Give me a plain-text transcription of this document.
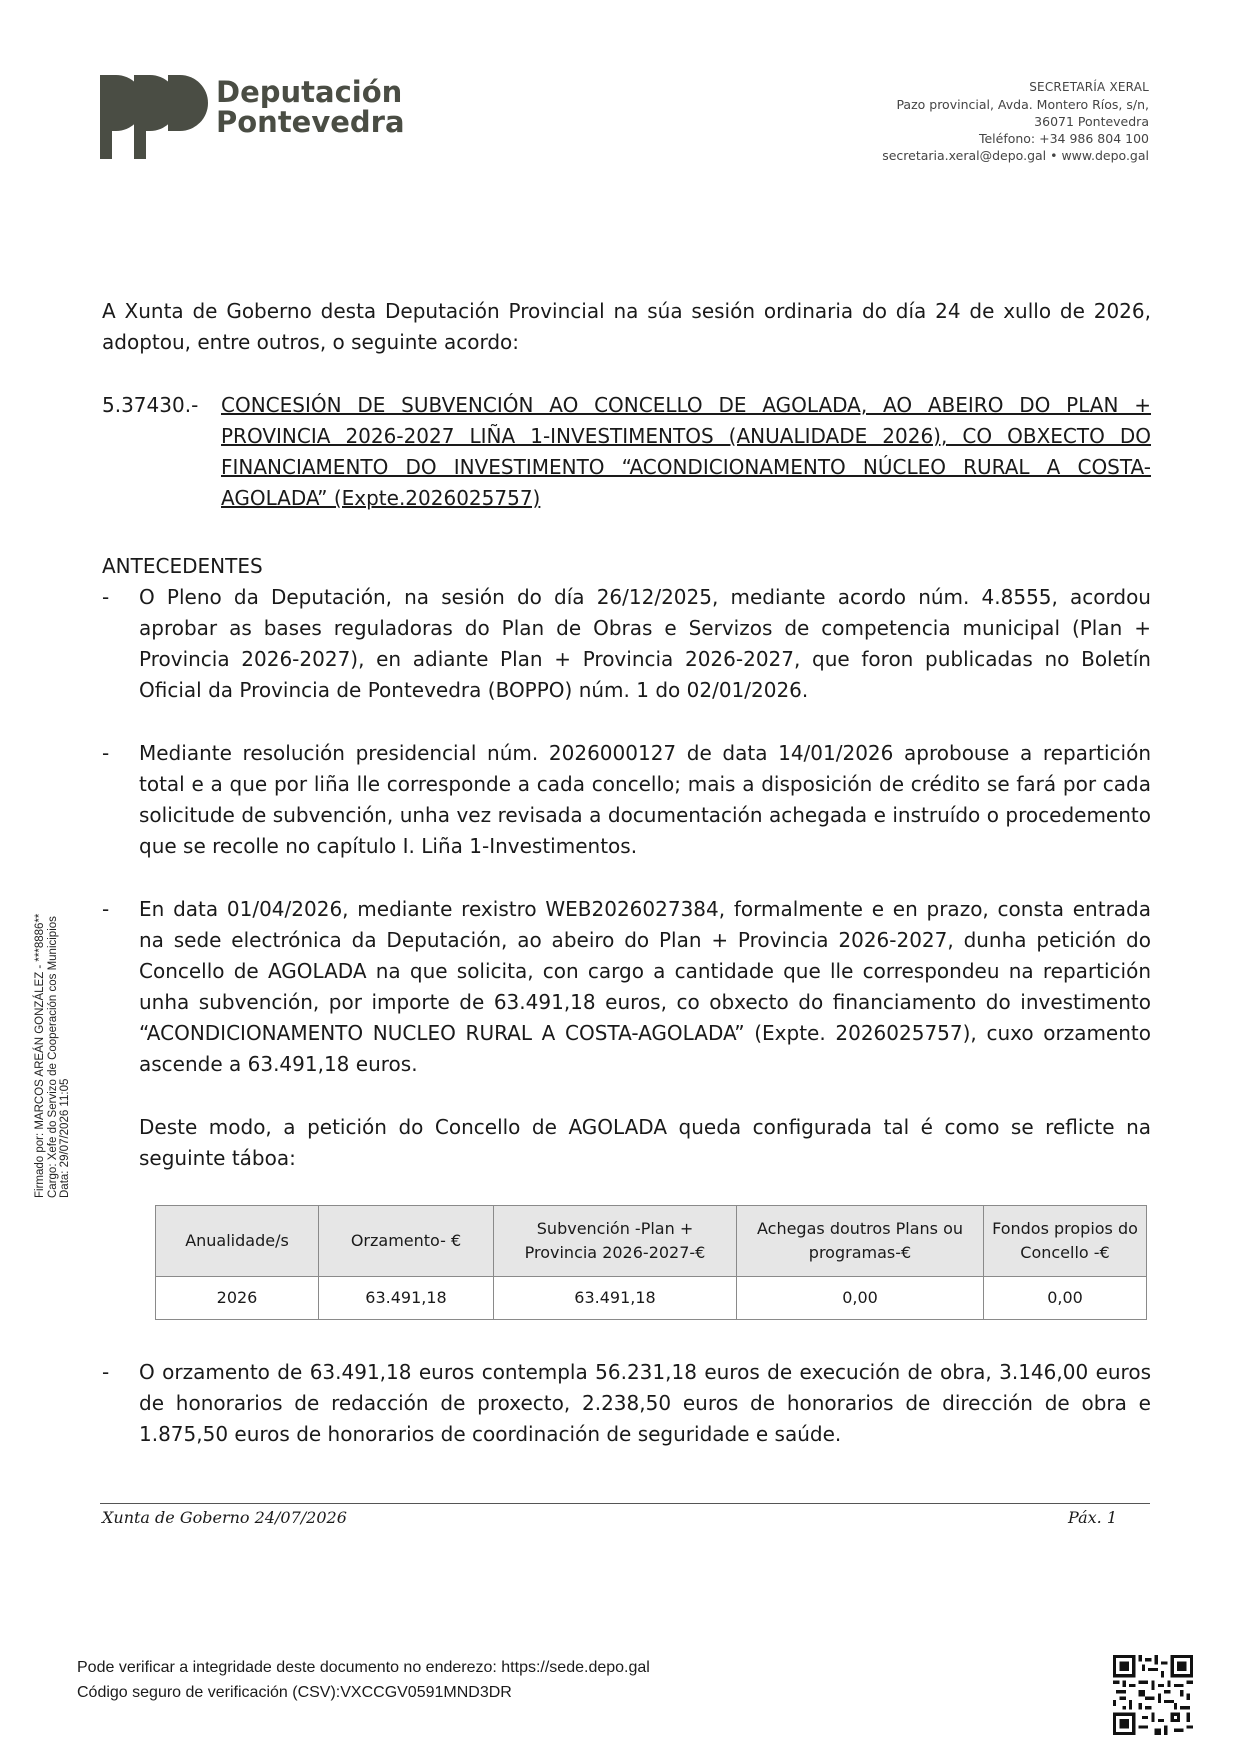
Deputación
Pontevedra
SECRETARÍA XERAL
Pazo provincial, Avda. Montero Ríos, s/n,
36071 Pontevedra
Teléfono: +34 986 804 100
secretaria.xeral@depo.gal • www.depo.gal
A Xunta de Goberno desta Deputación Provincial na súa sesión ordinaria do día 24 de xullo de 2026, adoptou, entre outros, o seguinte acordo:
5.37430.- CONCESIÓN DE SUBVENCIÓN AO CONCELLO DE AGOLADA, AO ABEIRO DO PLAN + PROVINCIA 2026-2027 LIÑA 1-INVESTIMENTOS (ANUALIDADE 2026), CO OBXECTO DO FINANCIAMENTO DO INVESTIMENTO “ACONDICIONAMENTO NÚCLEO RURAL A COSTA-AGOLADA” (Expte.2026025757)
ANTECEDENTES
- O Pleno da Deputación, na sesión do día 26/12/2025, mediante acordo núm. 4.8555, acordou aprobar as bases reguladoras do Plan de Obras e Servizos de competencia municipal (Plan + Provincia 2026-2027), en adiante Plan + Provincia 2026-2027, que foron publicadas no Boletín Oficial da Provincia de Pontevedra (BOPPO) núm. 1 do 02/01/2026.
- Mediante resolución presidencial núm. 2026000127 de data 14/01/2026 aprobouse a repartición total e a que por liña lle corresponde a cada concello; mais a disposición de crédito se fará por cada solicitude de subvención, unha vez revisada a documentación achegada e instruído o procedemento que se recolle no capítulo I. Liña 1-Investimentos.
- En data 01/04/2026, mediante rexistro WEB2026027384, formalmente e en prazo, consta entrada na sede electrónica da Deputación, ao abeiro do Plan + Provincia 2026-2027, dunha petición do Concello de AGOLADA na que solicita, con cargo a cantidade que lle correspondeu na repartición unha subvención, por importe de 63.491,18 euros, co obxecto do financiamento do investimento “ACONDICIONAMENTO NUCLEO RURAL A COSTA-AGOLADA” (Expte. 2026025757), cuxo orzamento ascende a 63.491,18 euros.
Deste modo, a petición do Concello de AGOLADA queda configurada tal é como se reflicte na seguinte táboa:
Anualidade/s	Orzamento- €	Subvención -Plan + Provincia 2026-2027-€	Achegas doutros Plans ou programas-€	Fondos propios do Concello -€
2026	63.491,18	63.491,18	0,00	0,00
- O orzamento de 63.491,18 euros contempla 56.231,18 euros de execución de obra, 3.146,00 euros de honorarios de redacción de proxecto, 2.238,50 euros de honorarios de dirección de obra e 1.875,50 euros de honorarios de coordinación de seguridade e saúde.
Xunta de Goberno 24/07/2026	Páx. 1
Firmado por: MARCOS AREÁN GONZÁLEZ - ***8886** Cargo: Xefe do Servizo de Cooperación cos Municipios Data: 29/07/2026 11:05
Pode verificar a integridade deste documento no enderezo: https://sede.depo.gal
Código seguro de verificación (CSV):VXCCGV0591MND3DR
